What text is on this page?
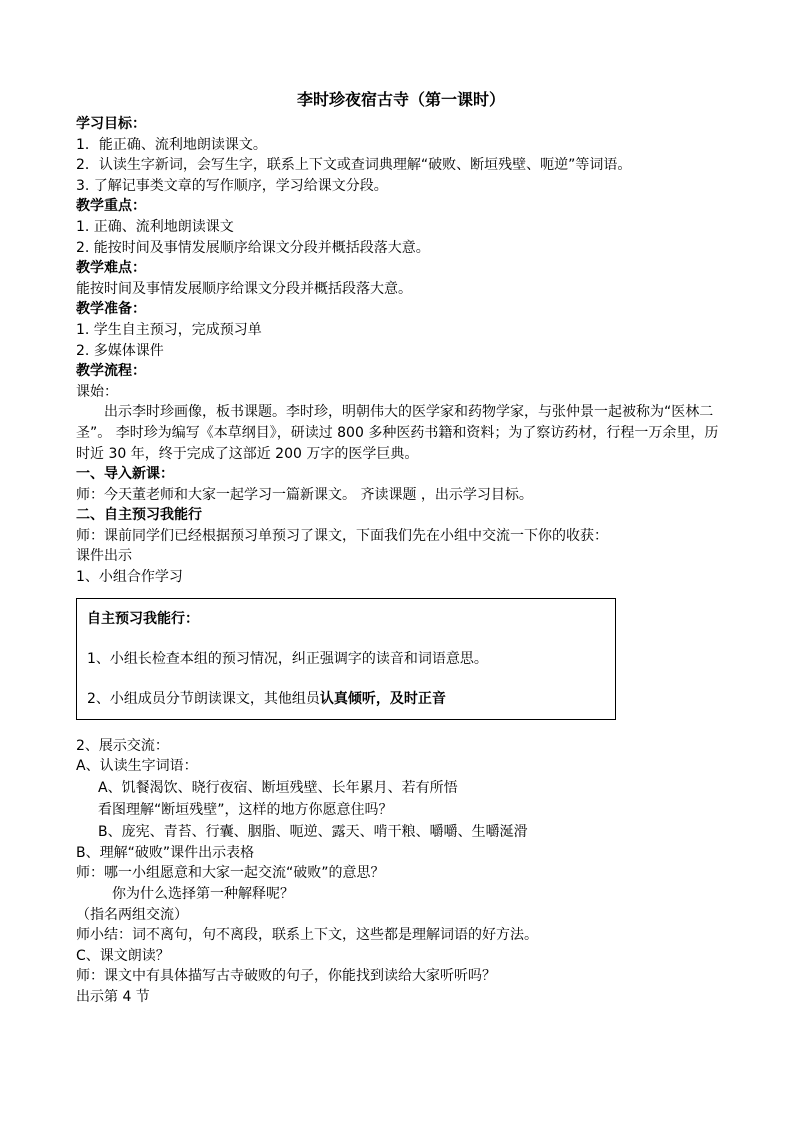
李时珍夜宿古寺（第一课时）
学习目标：
1．能正确、流利地朗读课文。
2．认读生字新词，会写生字，联系上下文或查词典理解“破败、断垣残壁、呃逆”等词语。
3. 了解记事类文章的写作顺序，学习给课文分段。
教学重点：
1. 正确、流利地朗读课文
2. 能按时间及事情发展顺序给课文分段并概括段落大意。
教学难点：
能按时间及事情发展顺序给课文分段并概括段落大意。
教学准备：
1. 学生自主预习，完成预习单
2. 多媒体课件
教学流程：
课始：
出示李时珍画像，板书课题。李时珍，明朝伟大的医学家和药物学家，与张仲景一起被称为“医林二圣”。 李时珍为编写《本草纲目》，研读过 800 多种医药书籍和资料；为了察访药材，行程一万余里，历时近 30 年，终于完成了这部近 200 万字的医学巨典。
一、导入新课：
师：今天董老师和大家一起学习一篇新课文。 齐读课题 ，出示学习目标。
二、自主预习我能行
师：课前同学们已经根据预习单预习了课文，下面我们先在小组中交流一下你的收获：
课件出示
1、小组合作学习
自主预习我能行：
1、小组长检查本组的预习情况，纠正强调字的读音和词语意思。
2、小组成员分节朗读课文，其他组员认真倾听，及时正音
2、展示交流：
A、认读生字词语：
A、饥餐渴饮、晓行夜宿、断垣残壁、长年累月、若有所悟
看图理解“断垣残壁”，这样的地方你愿意住吗？
B、庞宪、青苔、行囊、胭脂、呃逆、露天、啃干粮、嚼嚼、生嚼涎滑
B、理解“破败”课件出示表格
师：哪一小组愿意和大家一起交流“破败”的意思？
你为什么选择第一种解释呢？
（指名两组交流）
师小结：词不离句，句不离段，联系上下文，这些都是理解词语的好方法。
C、课文朗读？
师：课文中有具体描写古寺破败的句子，你能找到读给大家听听吗？
出示第 4 节
